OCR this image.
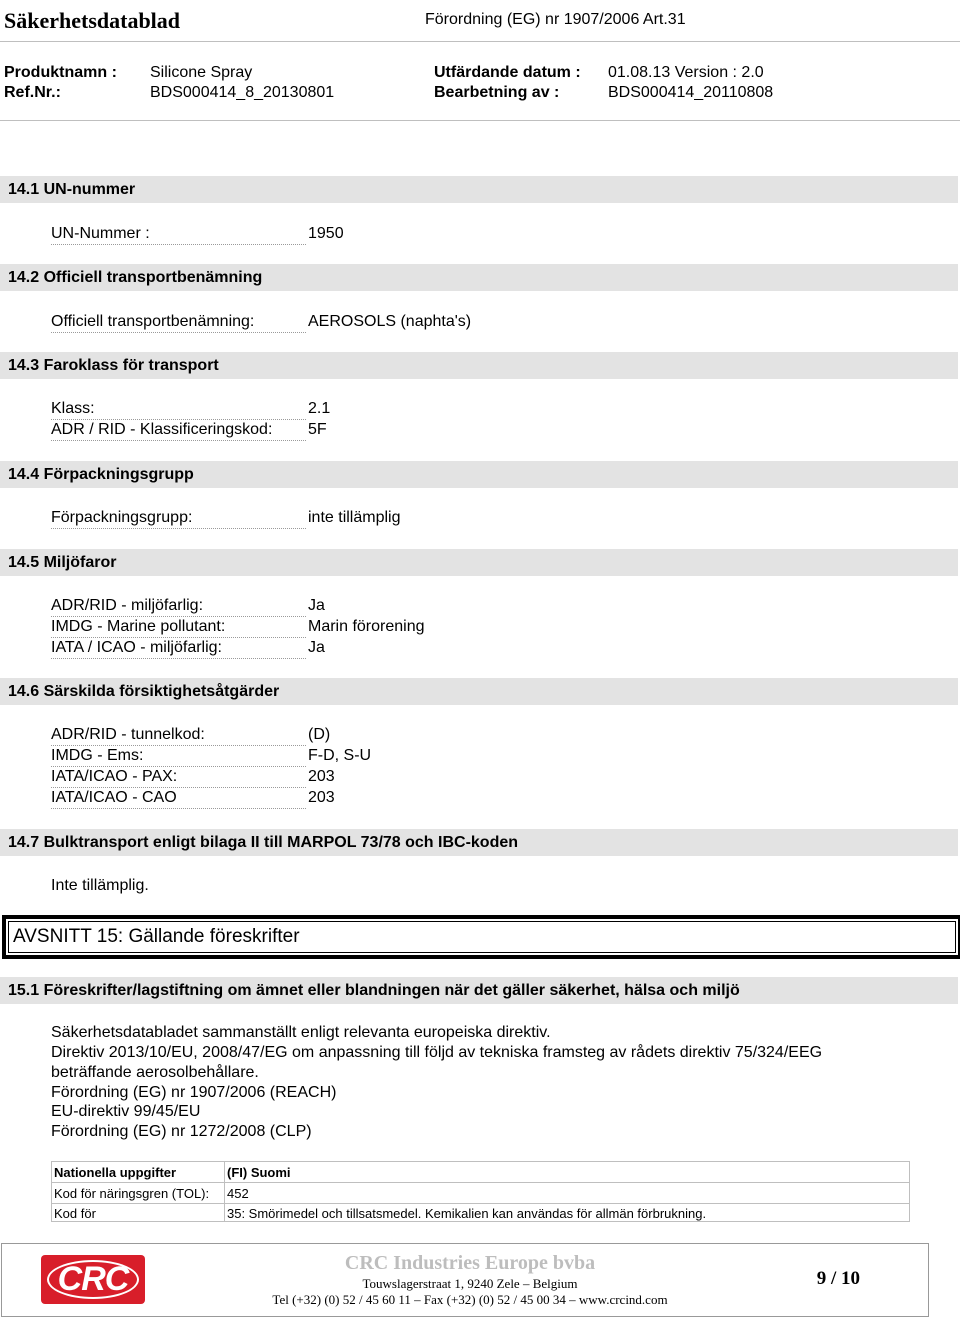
Säkerhetsdatablad	Förordning (EG) nr 1907/2006 Art.31
Produktnamn : Silicone Spray
Ref.Nr.:	BDS000414_8_20130801
Utfärdande datum : 01.08.13 Version : 2.0
Bearbetning av :	BDS000414_20110808
14.1 UN-nummer
UN-Nummer :	1950
14.2 Officiell transportbenämning
Officiell transportbenämning:	AEROSOLS (naphta's)
14.3 Faroklass för transport
Klass:	2.1
ADR / RID - Klassificeringskod:	5F
14.4 Förpackningsgrupp
Förpackningsgrupp:	inte tillämplig
14.5 Miljöfaror
ADR/RID - miljöfarlig:	Ja
IMDG - Marine pollutant:	Marin förorening
IATA / ICAO - miljöfarlig:	Ja
14.6 Särskilda försiktighetsåtgärder
ADR/RID - tunnelkod:	(D)
IMDG - Ems:	F-D, S-U
IATA/ICAO - PAX:	203
IATA/ICAO - CAO	203
14.7 Bulktransport enligt bilaga II till MARPOL 73/78 och IBC-koden
Inte tillämplig.
AVSNITT 15: Gällande föreskrifter
15.1 Föreskrifter/lagstiftning om ämnet eller blandningen när det gäller säkerhet, hälsa och miljö
Säkerhetsdatabladet sammanställt enligt relevanta europeiska direktiv.
Direktiv 2013/10/EU, 2008/47/EG om anpassning till följd av tekniska framsteg av rådets direktiv 75/324/EEG
beträffande aerosolbehållare.
Förordning (EG) nr 1907/2006 (REACH)
EU-direktiv 99/45/EU
Förordning (EG) nr 1272/2008 (CLP)
Nationella uppgifter	(FI) Suomi
Kod för näringsgren (TOL):	452
Kod för	35: Smörimedel och tillsatsmedel. Kemikalien kan användas för allmän förbrukning.
CRC	CRC Industries Europe bvba
Touwslagerstraat 1, 9240 Zele – Belgium
Tel (+32) (0) 52 / 45 60 11 – Fax (+32) (0) 52 / 45 00 34 – www.crcind.com
9 / 10
